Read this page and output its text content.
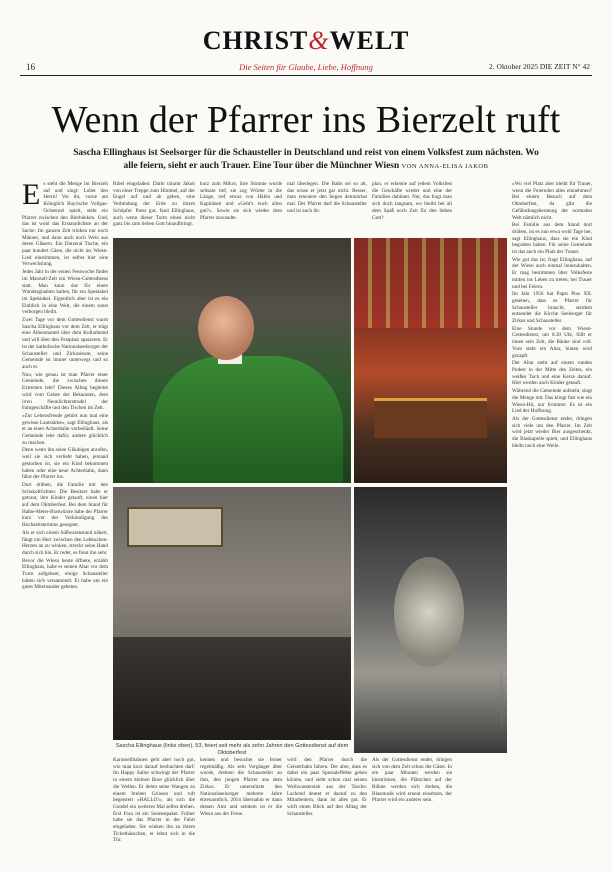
CHRIST&WELT
16	Die Seiten für Glaube, Liebe, Hoffnung	2. Oktober 2025 DIE ZEIT N° 42
Wenn der Pfarrer ins Bierzelt ruft
Sascha Ellinghaus ist Seelsorger für die Schausteller in Deutschland und reist von einem Volksfest zum nächsten. Wo alle feiern, sieht er auch Trauer. Eine Tour über die Münchner Wiesn VON ANNA-ELISA JAKOB
E s steht die Menge im Bierzelt auf und singt: Lobet den Herrn! Vor ihr, vorne am Königlich Bayrische Vollgas-Ochsenrei spielt, steht ein Pfarrer zwischen den Bierbänken. Und, das ist wohl das Erstaunlichste an der Sache: Im ganzen Zelt trinken nur noch Männer, und dann auch noch Wein aus deren Gläsern. Ein Dutzend Tische, ein paar hundert Gäste, die nicht ins Wiesn-Lied einstimmen, ist selbst hier eine Verwechslung.

Jedes Jahr in der ersten Festwoche findet im Marstall-Zelt ein Wiesn-Gottesdienst statt. Man kann das für einen Wunderglauben halten, für ein Spektakel im Spektakel. Eigentlich aber ist es ein Einblick in eine Welt, die einem sonst verborgen bleibt.

Zwei Tage vor dem Gottesdienst warnt Sascha Ellinghaus vor dem Zelt, er trägt eine Albenmantel über dem Kollarhemd und will über den Festplatz spazieren. Er ist der katholische Nationalseelsorger der Schausteller und Zirkusleute; seine Gemeinde ist immer unterwegs und so auch er.

Nun, wie genau ist man Pfarrer einer Gemeinde, die zwischen diesen Extremen lebt? Dieses Alltag begleitet wird vom Geiste der Bekannten, dem irren Neonlichterstrudel der Fahrgeschäfte und den Tischen im Zelt.

»Zur Lebensfreude gehört nun mal eine gewisse Lautstärke«, sagt Ellinghaus, als er an einer Achterbahn vorbeiläuft. Seine Gemeinde lebe dafür, andere glücklich zu machen.

Denn wenn ihn seine Gläubigen anrufen, weil sie sich verliebt haben, jemand gestorben ist, sie ein Kind bekommen haben oder eine neue Achterbahn, dann fährt der Pfarrer los.

Dort drüben, die Familie mit den Schokofrüchten: Die Besitzer habe er getraut, ihre Kinder getauft, einen hier auf dem Oktoberfest. Bei dem Stand für Halbe-Meter-Bratwürste habe der Pfarrer kurz vor der Verkündigung des Hochzeitstermins gesegnet.

Als er sich einem Süßwarenstand nähert, fängt ein Herr zwischen den Lebkuchen-Herzen an zu winken, streckt seine Hand durch sich hin. Er redet, es freut ihn sehr.

Bevor die Wiesn heute öffnete, erzählt Ellinghaus, habe er seinen Altar vor dem Turm aufgebaut, einige Schausteller hätten sich versammelt. Er habe um ein gutes Miteinander gebeten.

Bibel eingeladen: Darin träumt Jakob von einer Treppe zum Himmel, auf der Engel auf und ab gehen, eine Verbindung der Erde zu ihrem Schöpfer. Passt gut, fand Ellinghaus, auch wenn dieser Turm einen nicht ganz bis zum lieben Gott hinaufbringt.

kurz zum Mikro, ihre Stimme wurde seltsam tief, sie zog Wörter in die Länge, rief etwas von Häfen und Kapitänen und »Geht's euch allen gut?«. Sowie sie sich wieder dem Pfarrer zuwandte.

mal überlegen. Die Bahn sei so alt, das wisse er jetzt gar nicht. Besser, man erneuere den Segen demnächst mal. Der Pfarrer darf die Schausteller und ist auch ihr.

plan, er erkenne auf jedem Volksfest die Geschäfte wieder und eine der Familien dahinter. Nur, das fragt man sich doch langsam, wo bleibt bei all dem Spaß noch Zeit für den lieben Gott?

»Wo viel Platz aber bleibt für Trauer, wenn die Feiernden alles einnehmen? Bei einem Besuch auf dem Oktoberfest, da gibt die Gefährdungsberatung der normalen Welt nämlich nicht.

Bei Familie aus dem Stand dort drüben, ist es nun etwa wohl Tage her, sagt Ellinghaus, dass sie ein Kind begraben haben. Für seine Gemeinde ist das auch ein Platz der Trauer.

Wie gut das ist, fragt Ellinghaus, auf der Wiesn auch einmal innezuhalten. Er mag bestimmen über Volksfeste mitten ins Leben zu treten, bei Trauer und bei Feiern.

Im Jahr 1956 hat Papst Pius XII. gesehen, dass es Pfarrer für Schausteller braucht, seitdem entsendet die Kirche Seelsorger für Zirkus und Schausteller.

Eine Stunde vor dem Wiesn-Gottesdienst, um 8.30 Uhr, füllt er innen sein Zelt, die Bänke sind voll. Vorn steht ein Altar, hinten wird gezapft.

Der Altar steht auf einem runden Podest in der Mitte des Zeltes, ein weißes Tuch und eine Kerze darauf. Hier werden auch Kinder getauft.

Während die Gemeinde aufsteht, singt die Menge mit. Das klingt fast wie ein Wiesn-Hit, nur frommer. Es ist ein Lied der Hoffnung.

Als der Gottesdienst endet, dringen sich viele um den Pfarrer. Im Zelt wird jetzt wieder Bier ausgeschenkt, die Blaskapelle spielt, und Ellinghaus bleibt noch eine Weile.

Sascha Ellinghaus (links oben), 53, feiert seit mehr als zehn Jahren den Gottesdienst auf dem Oktoberfest
Fotos: Moritz Wohler für ZEIT 2025

Karussellbahnen geht aber noch gut, wie man kurz darauf beobachten darf: Im Happy Sailor schwingt der Pfarrer in einem kleinen Boot glücklich über die Wellen. Er dehnt seine Wangen zu einem breiten Grinsen und ruft begeistert »HALLO!«, als sich die Gondel ein weiteres Mal selbst drehen. Erst Frau ist ein Sonnenpaket. Früher habe sie das Pfarrer in der Fahrt eingeladen. Sie winken ihn zu ihrem Tickethäuschen, er lehnt sich in die Tür.

kennen und besuchte sie ferner regelmäßig. Als sein Vorgänger älter wurde, drehten die Schausteller an ihm, den jungen Pfarrer aus dem Zirkus. Er unterstützte den Nationalseelsorger mehrere Jahre ehrenamtlich, 2014 übernahm er dann dessen Amt und seitdem ist er die Wiesn aus der Ferne.

wird den Pfarrer durch die Geisterbahn fahren. Der aber, dass es dabei ein paar Spezialeffekte geben könnte, und sieht schon mal seinen Weihwasserstab aus der Tasche. Lachend deutet er darauf zu den Mitarbeitern, dann ist alles gut. Er wirft einen Blick auf den Alltag der Schausteller.

Als der Gottesdienst endet, dringen sich von dem Zelt schon die Gäste. In ein paar Minuten werden sie hinströmen, die Plätzchen auf der Bühne werden sich drehen, die Blasmusik wird erneut einsetzen, der Pfarrer wird ein anderer sein.
